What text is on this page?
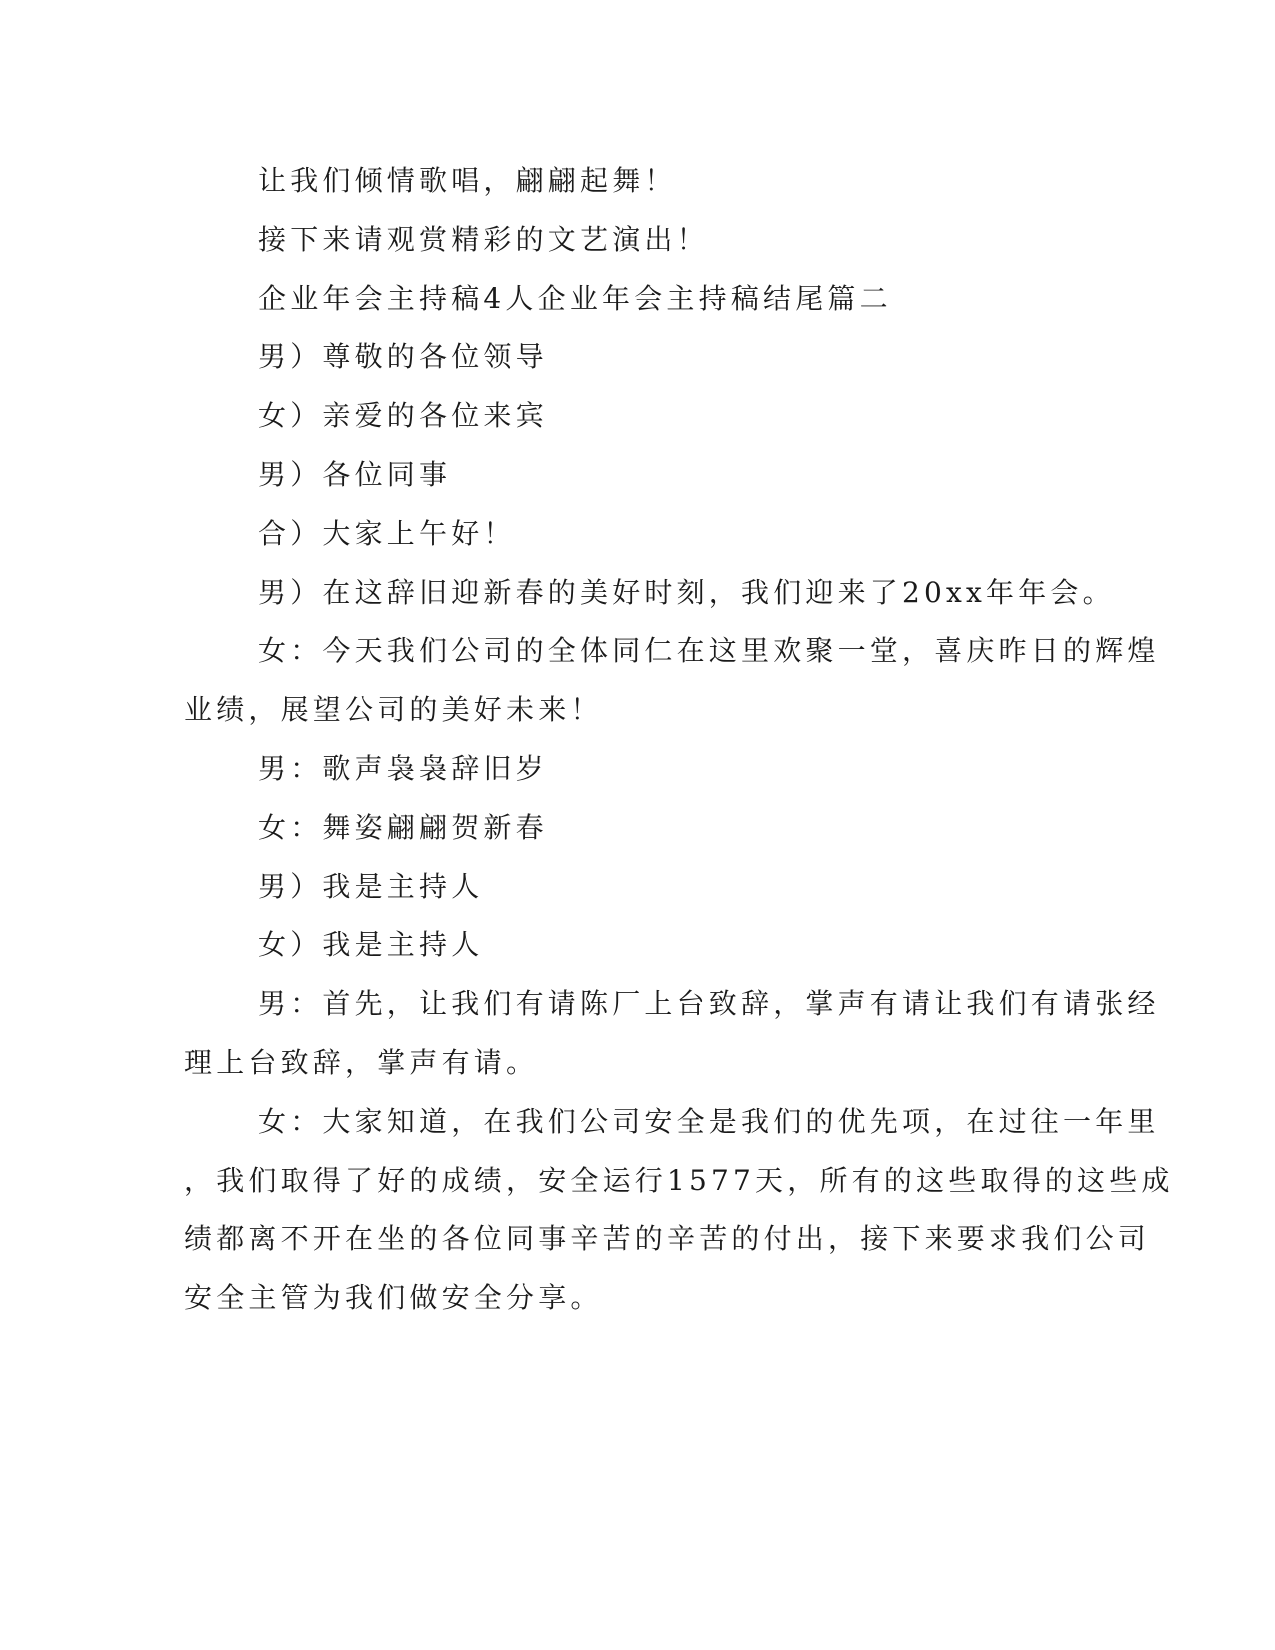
让我们倾情歌唱，翩翩起舞！
接下来请观赏精彩的文艺演出！
企业年会主持稿4人企业年会主持稿结尾篇二
男）尊敬的各位领导
女）亲爱的各位来宾
男）各位同事
合）大家上午好！
男）在这辞旧迎新春的美好时刻，我们迎来了20xx年年会。
女：今天我们公司的全体同仁在这里欢聚一堂，喜庆昨日的辉煌
业绩，展望公司的美好未来！
男：歌声袅袅辞旧岁
女：舞姿翩翩贺新春
男）我是主持人
女）我是主持人
男：首先，让我们有请陈厂上台致辞，掌声有请让我们有请张经
理上台致辞，掌声有请。
女：大家知道，在我们公司安全是我们的优先项，在过往一年里
，我们取得了好的成绩，安全运行1577天，所有的这些取得的这些成
绩都离不开在坐的各位同事辛苦的辛苦的付出，接下来要求我们公司
安全主管为我们做安全分享。
